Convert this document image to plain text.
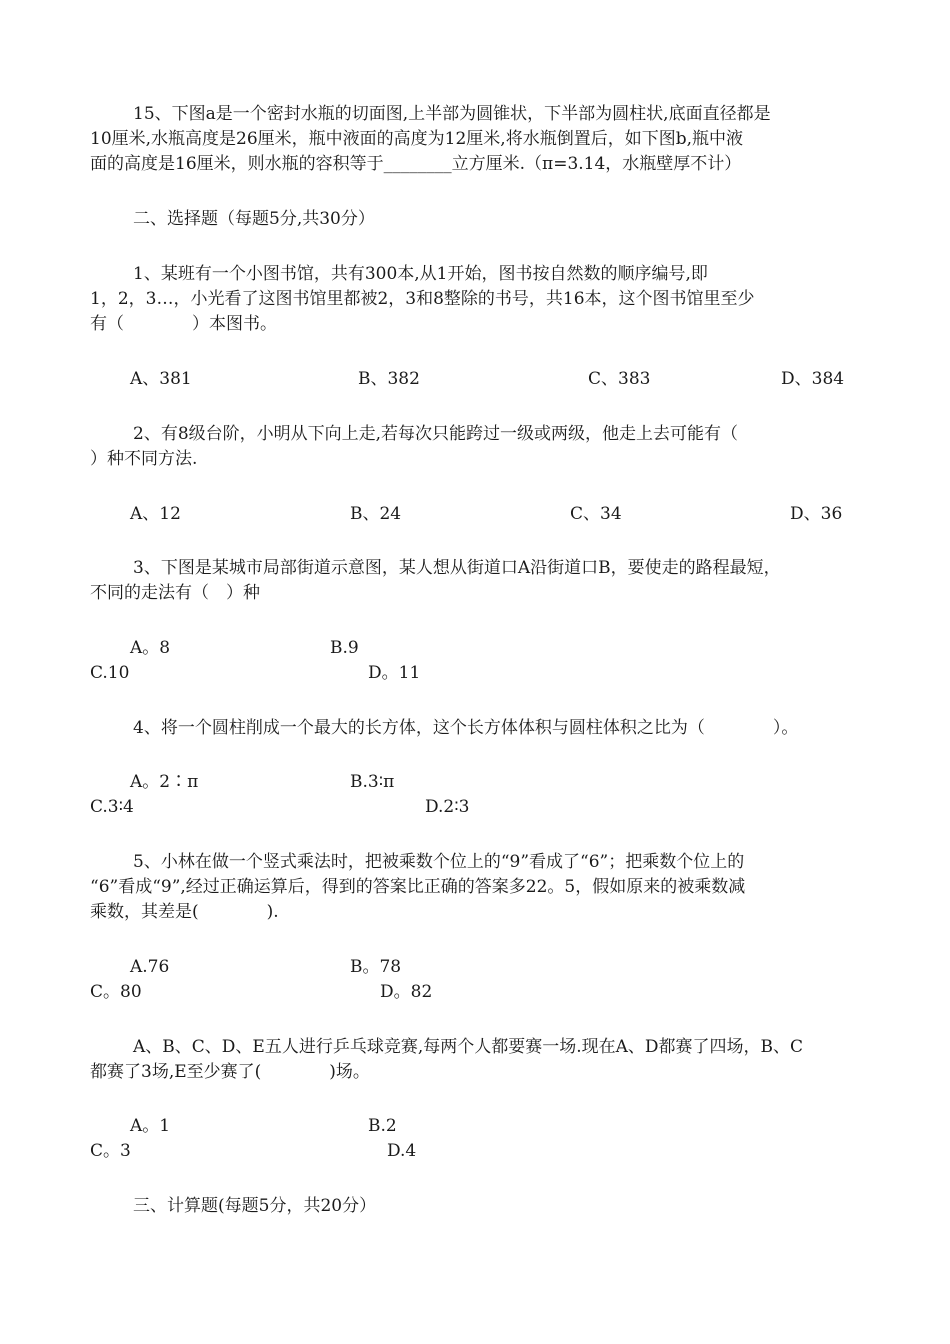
15、下图a是一个密封水瓶的切面图,上半部为圆锥状，下半部为圆柱状,底面直径都是
10厘米,水瓶高度是26厘米，瓶中液面的高度为12厘米,将水瓶倒置后，如下图b,瓶中液
面的高度是16厘米，则水瓶的容积等于________立方厘米.（π=3.14，水瓶壁厚不计）
二、选择题（每题5分,共30分）
1、某班有一个小图书馆，共有300本,从1开始，图书按自然数的顺序编号,即
1，2，3…，小光看了这图书馆里都被2，3和8整除的书号，共16本，这个图书馆里至少
有（　　　　）本图书。
A、381	B、382	C、383	D、384
2、有8级台阶，小明从下向上走,若每次只能跨过一级或两级，他走上去可能有（
）种不同方法.
A、12	B、24	C、34	D、36
3、下图是某城市局部街道示意图，某人想从街道口A沿街道口B，要使走的路程最短，
不同的走法有（　）种
A。8	B.9
C.10	D。11
4、将一个圆柱削成一个最大的长方体，这个长方体体积与圆柱体积之比为（　　　　）。
A。2∶π	B.3∶π
C.3∶4	D.2∶3
5、小林在做一个竖式乘法时，把被乘数个位上的“9”看成了“6”；把乘数个位上的
“6”看成“9”,经过正确运算后，得到的答案比正确的答案多22。5，假如原来的被乘数减
乘数，其差是(　　　　).
A.76	B。78
C。80	D。82
A、B、C、D、E五人进行乒乓球竞赛,每两个人都要赛一场.现在A、D都赛了四场，B、C
都赛了3场,E至少赛了(　　　　)场。
A。1	B.2
C。3	D.4
三、计算题(每题5分，共20分）
